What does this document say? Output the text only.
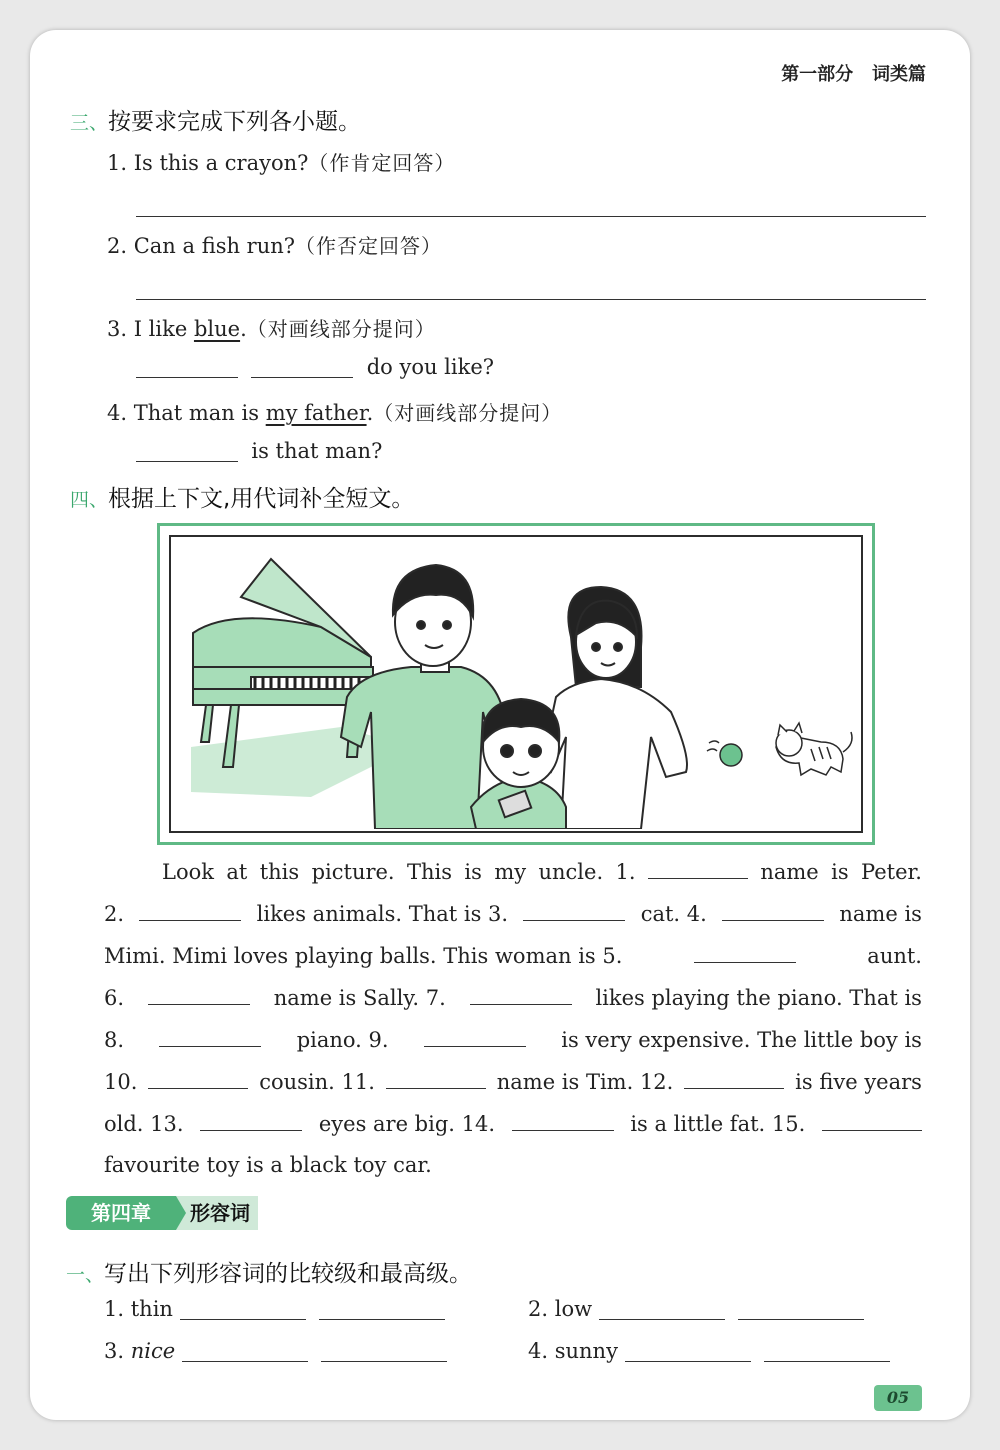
第一部分 词类篇
三、按要求完成下列各小题。
1. Is this a crayon?（作肯定回答）
2. Can a fish run?（作否定回答）
3. I like blue.（对画线部分提问）
do you like?
4. That man is my father.（对画线部分提问）
is that man?
四、根据上下文,用代词补全短文。
Look at this picture. This is my uncle. 1.	name is Peter.
2.	likes animals. That is 3.	cat. 4.	name is
Mimi. Mimi loves playing balls. This woman is 5.	aunt.
6.	name is Sally. 7.	likes playing the piano. That is
8.	piano. 9.	is very expensive. The little boy is
10.	cousin. 11.	name is Tim. 12.	is five years
old. 13.	eyes are big. 14.	is a little fat. 15.
favourite toy is a black toy car.
第四章	形容词
一、写出下列形容词的比较级和最高级。
1. thin	2. low
3. nice	4. sunny
05
